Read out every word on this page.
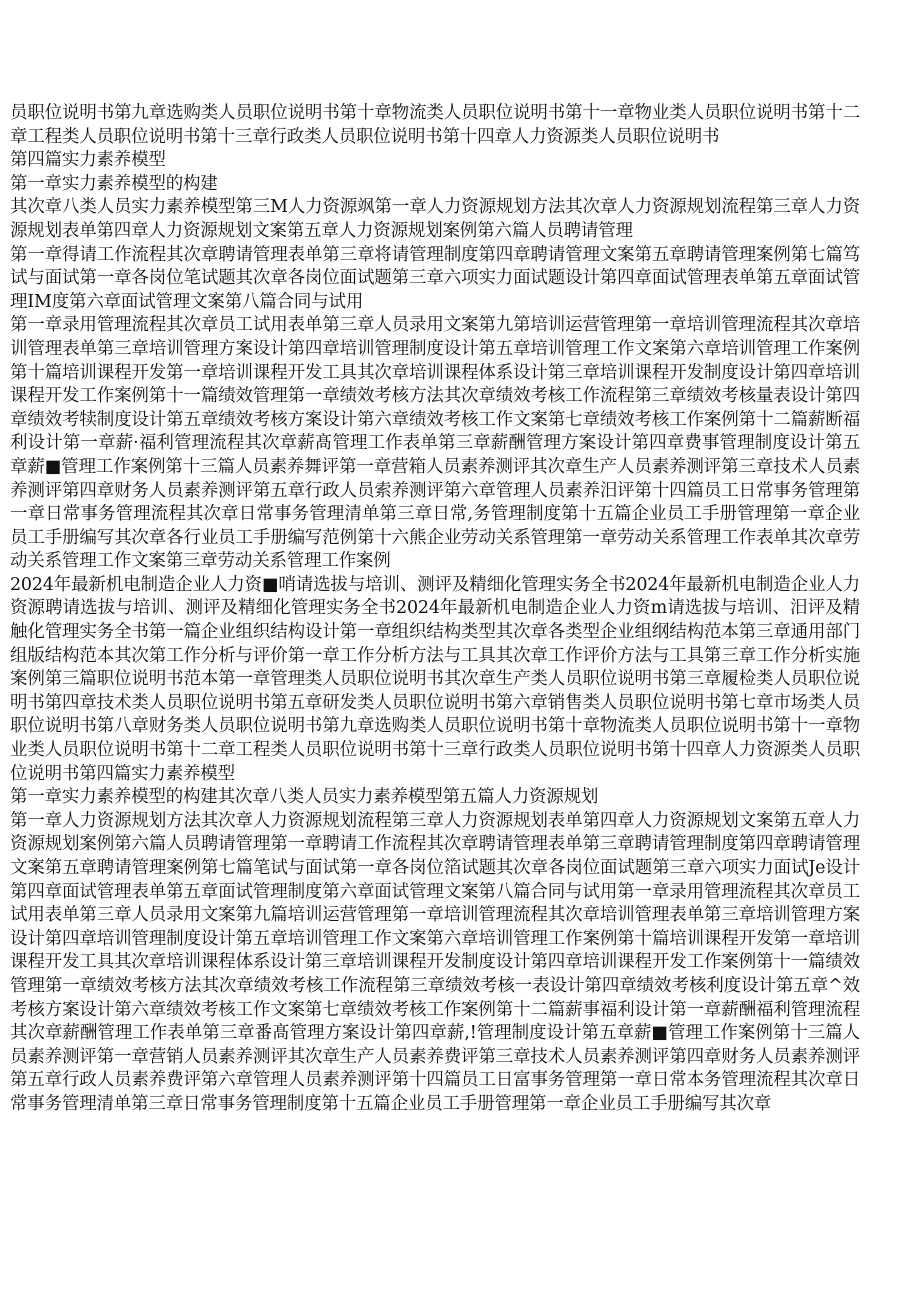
员职位说明书第九章选购类人员职位说明书第十章物流类人员职位说明书第十一章物业类人员职位说明书第十二章工程类人员职位说明书第十三章行政类人员职位说明书第十四章人力资源类人员职位说明书

第四篇实力素养模型

第一章实力素养模型的构建

其次章八类人员实力素养模型第三M人力资源飒第一章人力资源规划方法其次章人力资源规划流程第三章人力资源规划表单第四章人力资源规划文案第五章人力资源规划案例第六篇人员聘请管理

第一章得请工作流程其次章聘请管理表单第三章将请管理制度第四章聘请管理文案第五章聘请管理案例第七篇笃试与面试第一章各岗位笔试题其次章各岗位面试题第三章六项实力面试题设计第四章面试管理表单第五章面试管理IM度第六章面试管理文案第八篇合同与试用

第一章录用管理流程其次章员工试用表单第三章人员录用文案第九第培训运营管理第一章培训管理流程其次章培训管理表单第三章培训管理方案设计第四章培训管理制度设计第五章培训管理工作文案第六章培训管理工作案例第十篇培训课程开发第一章培训课程开发工具其次章培训课程体系设计第三章培训课程开发制度设计第四章培训课程开发工作案例第十一篇绩效管理第一章绩效考核方法其次章绩效考核工作流程第三章绩效考核量表设计第四章绩效考犊制度设计第五章绩效考核方案设计第六章绩效考核工作文案第七章绩效考核工作案例第十二篇薪断福利设计第一章薪·福利管理流程其次章薪髙管理工作表单第三章薪酬管理方案设计第四章费事管理制度设计第五章薪■管理工作案例第十三篇人员素养舞评第一章营箱人员素养测评其次章生产人员素养测评第三章技术人员素养测评第四章财务人员素养测评第五章行政人员索养测评第六章管理人员素养汨评第十四篇员工日常事务管理第一章日常事务管理流程其次章日常事务管理清单第三章日常,务管理制度第十五篇企业员工手册管理第一章企业员工手册编写其次章各行业员工手册编写范例第十六熊企业劳动关系管理第一章劳动关系管理工作表单其次章劳动关系管理工作文案第三章劳动关系管理工作案例

2024年最新机电制造企业人力资■哨请选拔与培训、测评及精细化管理实务全书2024年最新机电制造企业人力资源聘请选拔与培训、测评及精细化管理实务全书2024年最新机电制造企业人力资m请选拔与培训、汨评及精触化管理实务全书第一篇企业组织结构设计第一章组织结构类型其次章各类型企业组纲结构范本第三章通用部门组版结构范本其次第工作分析与评价第一章工作分析方法与工具其次章工作评价方法与工具第三章工作分析实施案例第三篇职位说明书范本第一章管理类人员职位说明书其次章生产类人员职位说明书第三章履检类人员职位说明书第四章技术类人员职位说明书第五章研发类人员职位说明书第六章销售类人员职位说明书第七章市场类人员职位说明书第八章财务类人员职位说明书第九章选购类人员职位说明书第十章物流类人员职位说明书第十一章物业类人员职位说明书第十二章工程类人员职位说明书第十三章行政类人员职位说明书第十四章人力资源类人员职位说明书第四篇实力素养模型

第一章实力素养模型的构建其次章八类人员实力素养模型第五篇人力资源规划

第一章人力资源规划方法其次章人力资源规划流程第三章人力资源规划表单第四章人力资源规划文案第五章人力资源规划案例第六篇人员聘请管理第一章聘请工作流程其次章聘请管理表单第三章聘请管理制度第四章聘请管理文案第五章聘请管理案例第七篇笔试与面试第一章各岗位箔试题其次章各岗位面试题第三章六项实力面试Je设计第四章面试管理表单第五章面试管理制度第六章面试管理文案第八篇合同与试用第一章录用管理流程其次章员工试用表单第三章人员录用文案第九篇培训运营管理第一章培训管理流程其次章培训管理表单第三章培训管理方案设计第四章培训管理制度设计第五章培训管理工作文案第六章培训管理工作案例第十篇培训课程开发第一章培训课程开发工具其次章培训课程体系设计第三章培训课程开发制度设计第四章培训课程开发工作案例第十一篇绩效管理第一章绩效考核方法其次章绩效考核工作流程第三章绩效考核一表设计第四章绩效考核利度设计第五章^效考核方案设计第六章绩效考核工作文案第七章绩效考核工作案例第十二篇薪事福利设计第一章薪酬福利管理流程其次章薪酬管理工作表单第三章番髙管理方案设计第四章薪,!管理制度设计第五章薪■管理工作案例第十三篇人员素养测评第一章营销人员素养测评其次章生产人员素养费评第三章技术人员素养测评第四章财务人员素养测评第五章行政人员素养费评第六章管理人员素养测评第十四篇员工日富事务管理第一章日常本务管理流程其次章日常事务管理清单第三章日常事务管理制度第十五篇企业员工手册管理第一章企业员工手册编写其次章
